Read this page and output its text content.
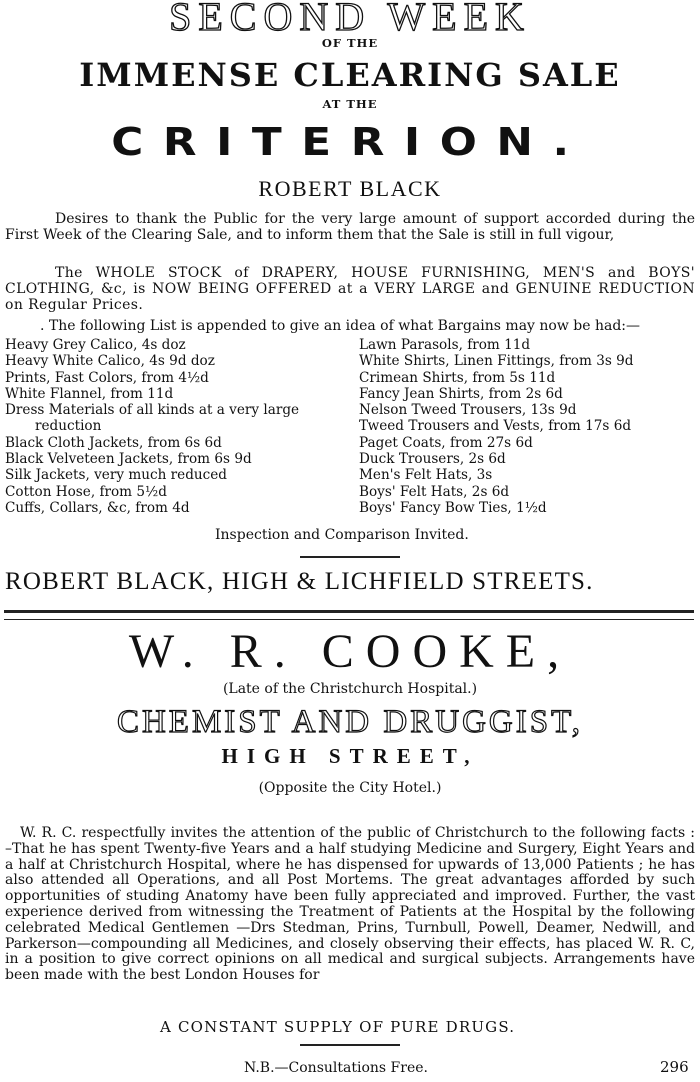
SECOND WEEK
OF THE
IMMENSE CLEARING SALE
AT THE
CRITERION.
ROBERT BLACK

Desires to thank the Public for the very large amount of support accorded during the First Week of the Clearing Sale, and to inform them that the Sale is still in full vigour,

The WHOLE STOCK of DRAPERY, HOUSE FURNISHING, MEN'S and BOYS' CLOTHING, &c, is NOW BEING OFFERED at a VERY LARGE and GENUINE REDUCTION on Regular Prices.

. The following List is appended to give an idea of what Bargains may now be had:—

Heavy Grey Calico, 4s doz
Heavy White Calico, 4s 9d doz
Prints, Fast Colors, from 4½d
White Flannel, from 11d
Dress Materials of all kinds at a very large
reduction
Black Cloth Jackets, from 6s 6d
Black Velveteen Jackets, from 6s 9d
Silk Jackets, very much reduced
Cotton Hose, from 5½d
Cuffs, Collars, &c, from 4d
Lawn Parasols, from 11d
White Shirts, Linen Fittings, from 3s 9d
Crimean Shirts, from 5s 11d
Fancy Jean Shirts, from 2s 6d
Nelson Tweed Trousers, 13s 9d
Tweed Trousers and Vests, from 17s 6d
Paget Coats, from 27s 6d
Duck Trousers, 2s 6d
Men's Felt Hats, 3s
Boys' Felt Hats, 2s 6d
Boys' Fancy Bow Ties, 1½d
Inspection and Comparison Invited.
ROBERT BLACK, HIGH & LICHFIELD STREETS.
W. R. COOKE,
(Late of the Christchurch Hospital.)
CHEMIST AND DRUGGIST,
HIGH STREET,
(Opposite the City Hotel.)

W. R. C. respectfully invites the attention of the public of Christchurch to the following facts : –That he has spent Twenty-five Years and a half studying Medicine and Surgery, Eight Years and a half at Christchurch Hospital, where he has dispensed for upwards of 13,000 Patients ; he has also attended all Operations, and all Post Mortems. The great advantages afforded by such opportunities of studing Anatomy have been fully appreciated and improved. Further, the vast experience derived from witnessing the Treatment of Patients at the Hospital by the following celebrated Medical Gentlemen —Drs Stedman, Prins, Turnbull, Powell, Deamer, Nedwill, and Parkerson—compounding all Medicines, and closely observing their effects, has placed W. R. C, in a position to give correct opinions on all medical and surgical subjects. Arrangements have been made with the best London Houses for

A CONSTANT SUPPLY OF PURE DRUGS.
N.B.—Consultations Free.	296
